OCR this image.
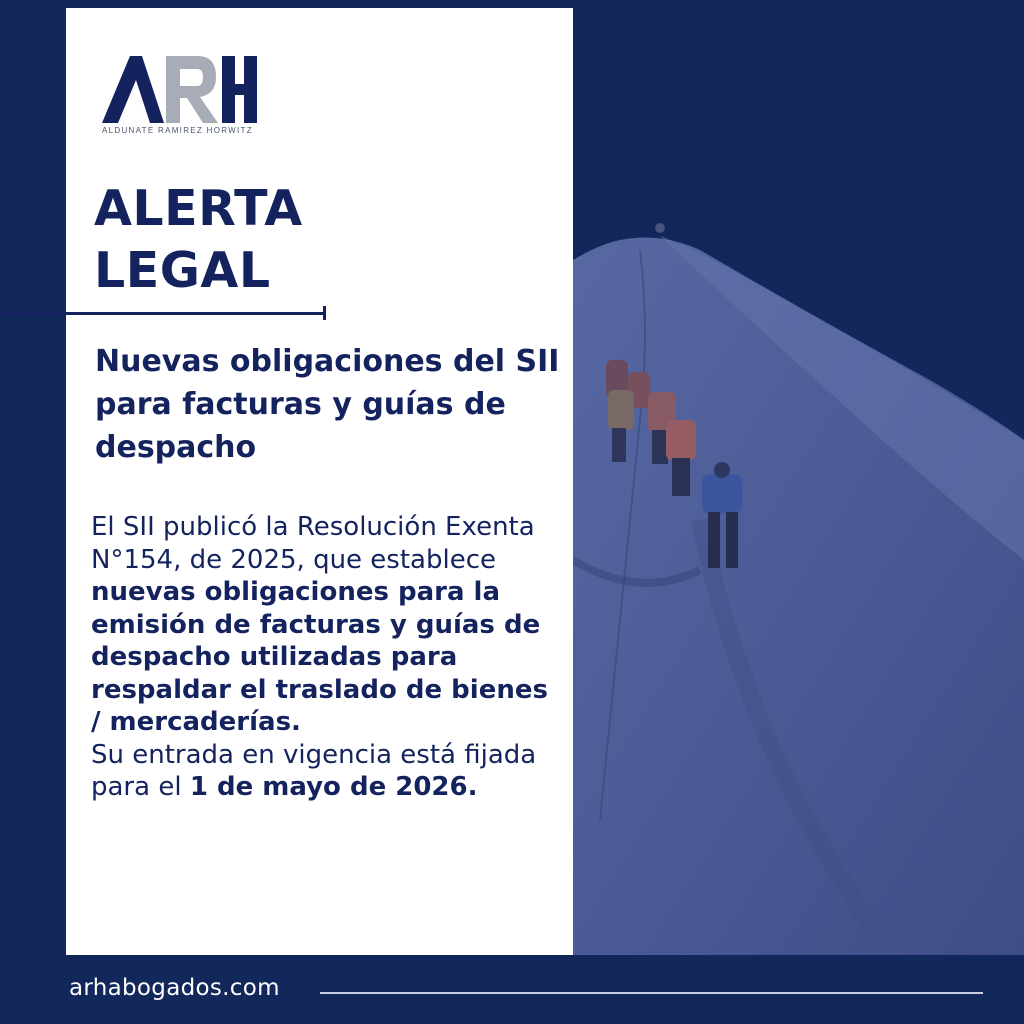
ALDUNATE RAMIREZ HORWITZ
ALERTA
LEGAL
Nuevas obligaciones del SII para facturas y guías de despacho

El SII publicó la Resolución Exenta N°154, de 2025, que establece nuevas obligaciones para la emisión de facturas y guías de despacho utilizadas para respaldar el traslado de bienes / mercaderías.
Su entrada en vigencia está fijada para el 1 de mayo de 2026.

arhabogados.com
